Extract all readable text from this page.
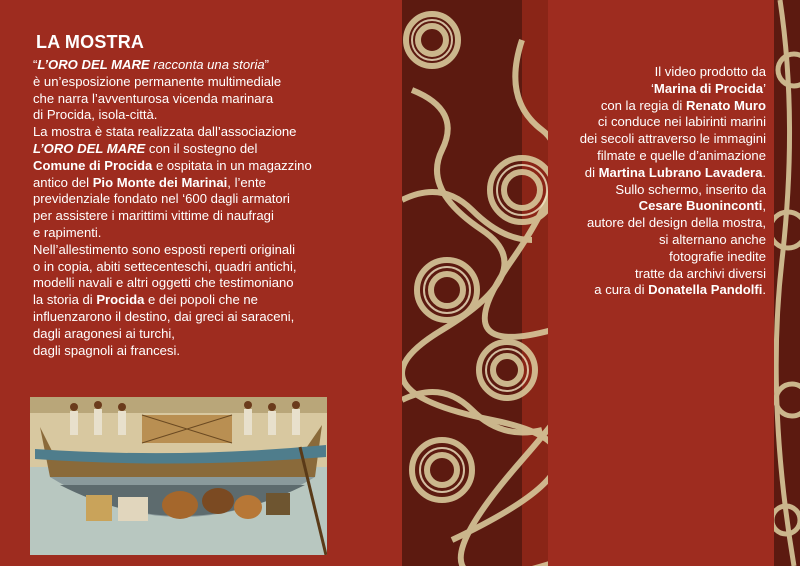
LA MOSTRA

“L’ORO DEL MARE racconta una storia”

è un’esposizione permanente multimediale

che narra l’avventurosa vicenda marinara

di Procida, isola-città.

La mostra è stata realizzata dall’associazione

L’ORO DEL MARE con il sostegno del

Comune di Procida e ospitata in un magazzino

antico del Pio Monte dei Marinai, l’ente

previdenziale fondato nel ‘600 dagli armatori

per assistere i marittimi vittime di naufragi

e rapimenti.

Nell’allestimento sono esposti reperti originali

o in copia, abiti settecenteschi, quadri antichi,

modelli navali e altri oggetti che testimoniano

la storia di Procida e dei popoli che ne

influenzarono il destino, dai greci ai saraceni,

dagli aragonesi ai turchi,

dagli spagnoli ai francesi.

Il video prodotto da

‘Marina di Procida’

con la regia di Renato Muro

ci conduce nei labirinti marini

dei secoli attraverso le immagini

filmate e quelle d’animazione

di Martina Lubrano Lavadera.

Sullo schermo, inserito da

Cesare Buoninconti,

autore del design della mostra,

si alternano anche

fotografie inedite

tratte da archivi diversi

a cura di Donatella Pandolfi.
